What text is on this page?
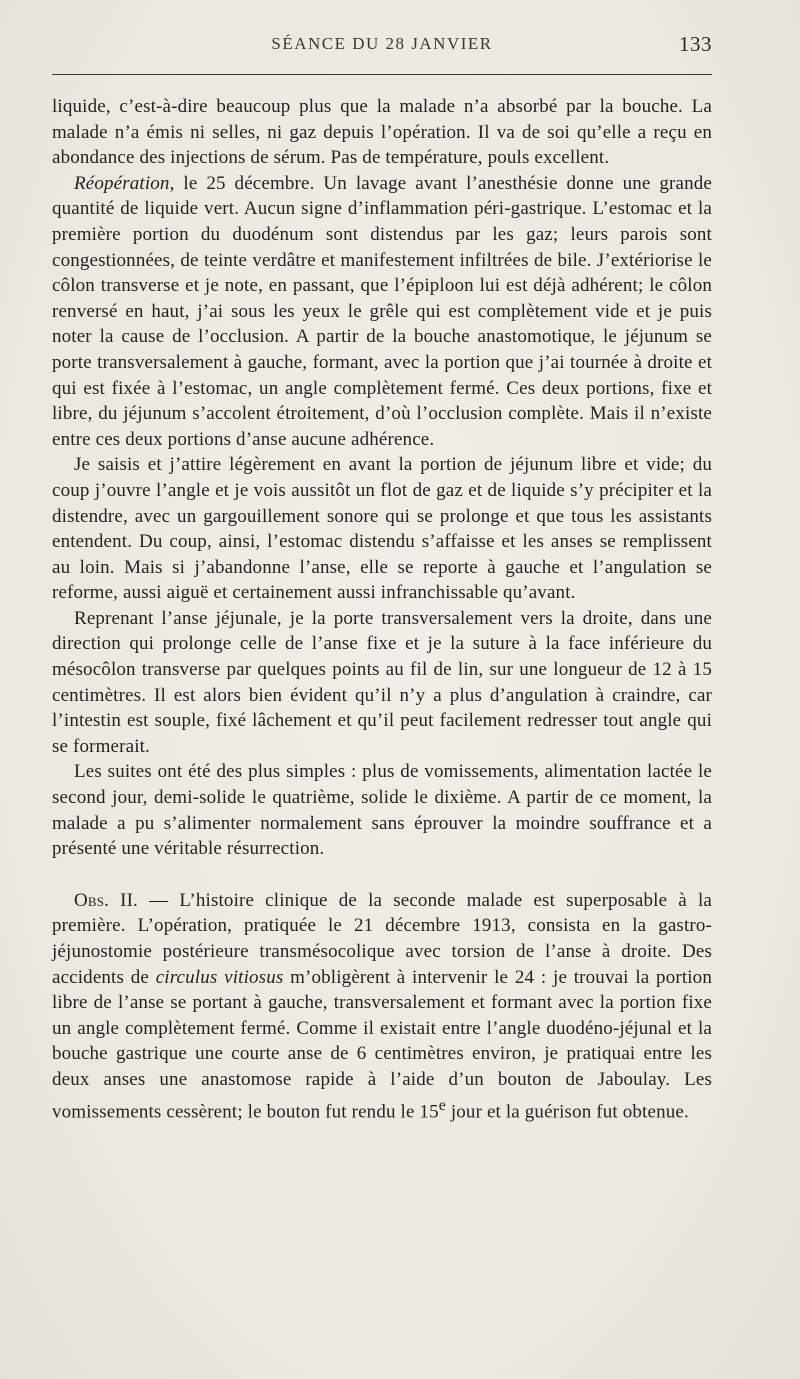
SÉANCE DU 28 JANVIER	133

liquide, c’est-à-dire beaucoup plus que la malade n’a absorbé par la bouche. La malade n’a émis ni selles, ni gaz depuis l’opération. Il va de soi qu’elle a reçu en abondance des injections de sérum. Pas de température, pouls excellent.

Réopération, le 25 décembre. Un lavage avant l’anesthésie donne une grande quantité de liquide vert. Aucun signe d’inflammation péri-gastrique. L’estomac et la première portion du duodénum sont distendus par les gaz; leurs parois sont congestionnées, de teinte verdâtre et manifestement infiltrées de bile. J’extériorise le côlon transverse et je note, en passant, que l’épiploon lui est déjà adhérent; le côlon renversé en haut, j’ai sous les yeux le grêle qui est complètement vide et je puis noter la cause de l’occlusion. A partir de la bouche anastomotique, le jéjunum se porte transversalement à gauche, formant, avec la portion que j’ai tournée à droite et qui est fixée à l’estomac, un angle complètement fermé. Ces deux portions, fixe et libre, du jéjunum s’accolent étroitement, d’où l’occlusion complète. Mais il n’existe entre ces deux portions d’anse aucune adhérence.

Je saisis et j’attire légèrement en avant la portion de jéjunum libre et vide; du coup j’ouvre l’angle et je vois aussitôt un flot de gaz et de liquide s’y précipiter et la distendre, avec un gargouillement sonore qui se prolonge et que tous les assistants entendent. Du coup, ainsi, l’estomac distendu s’affaisse et les anses se remplissent au loin. Mais si j’abandonne l’anse, elle se reporte à gauche et l’angulation se reforme, aussi aiguë et certainement aussi infranchissable qu’avant.

Reprenant l’anse jéjunale, je la porte transversalement vers la droite, dans une direction qui prolonge celle de l’anse fixe et je la suture à la face inférieure du mésocôlon transverse par quelques points au fil de lin, sur une longueur de 12 à 15 centimètres. Il est alors bien évident qu’il n’y a plus d’angulation à craindre, car l’intestin est souple, fixé lâchement et qu’il peut facilement redresser tout angle qui se formerait.

Les suites ont été des plus simples : plus de vomissements, alimentation lactée le second jour, demi-solide le quatrième, solide le dixième. A partir de ce moment, la malade a pu s’alimenter normalement sans éprouver la moindre souffrance et a présenté une véritable résurrection.

Obs. II. — L’histoire clinique de la seconde malade est superposable à la première. L’opération, pratiquée le 21 décembre 1913, consista en la gastro-jéjunostomie postérieure transmésocolique avec torsion de l’anse à droite. Des accidents de circulus vitiosus m’obligèrent à intervenir le 24 : je trouvai la portion libre de l’anse se portant à gauche, transversalement et formant avec la portion fixe un angle complètement fermé. Comme il existait entre l’angle duodéno-jéjunal et la bouche gastrique une courte anse de 6 centimètres environ, je pratiquai entre les deux anses une anastomose rapide à l’aide d’un bouton de Jaboulay. Les vomissements cessèrent; le bouton fut rendu le 15e jour et la guérison fut obtenue.
